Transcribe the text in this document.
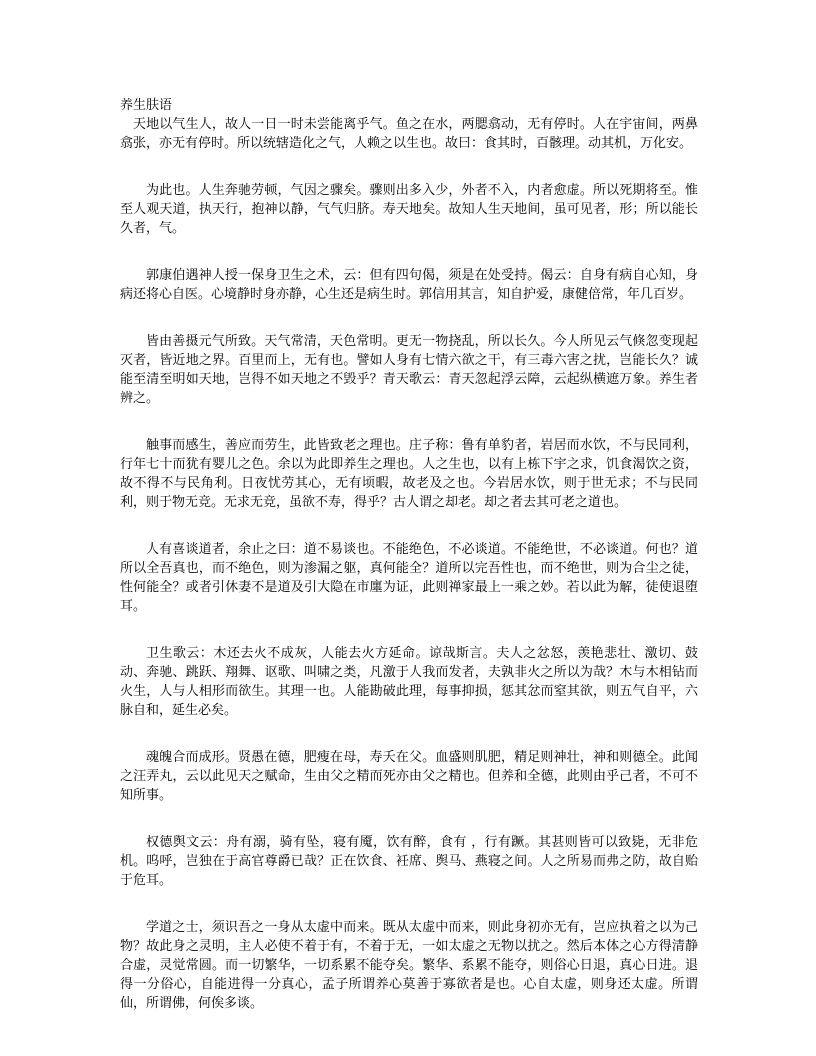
养生肤语

天地以气生人，故人一日一时未尝能离乎气。鱼之在水，两腮翕动，无有停时。人在宇宙间，两鼻翕张，亦无有停时。所以统辖造化之气，人赖之以生也。故曰：食其时，百骸理。动其机，万化安。

为此也。人生奔驰劳顿，气因之骤矣。骤则出多入少，外者不入，内者愈虚。所以死期将至。惟至人观天道，执天行，抱神以静，气气归脐。寿天地矣。故知人生天地间，虽可见者，形；所以能长久者，气。

郭康伯遇神人授一保身卫生之术，云：但有四句偈，须是在处受持。偈云：自身有病自心知，身病还将心自医。心境静时身亦静，心生还是病生时。郭信用其言，知自护爱，康健倍常，年几百岁。

皆由善摄元气所致。天气常清，天色常明。更无一物挠乱，所以长久。今人所见云气倏忽变现起灭者，皆近地之界。百里而上，无有也。譬如人身有七情六欲之干，有三毒六害之扰，岂能长久？诚能至清至明如天地，岂得不如天地之不毁乎？青天歌云：青天忽起浮云障，云起纵横遮万象。养生者辨之。

触事而感生，善应而劳生，此皆致老之理也。庄子称：鲁有单豹者，岩居而水饮，不与民同利，行年七十而犹有婴儿之色。余以为此即养生之理也。人之生也，以有上栋下宇之求，饥食渴饮之资，故不得不与民角利。日夜忧劳其心，无有顷暇，故老及之也。今岩居水饮，则于世无求；不与民同利，则于物无竞。无求无竞，虽欲不寿，得乎？古人谓之却老。却之者去其可老之道也。

人有喜谈道者，余止之曰：道不易谈也。不能绝色，不必谈道。不能绝世，不必谈道。何也？道所以全吾真也，而不绝色，则为渗漏之躯，真何能全？道所以完吾性也，而不绝世，则为合尘之徒，性何能全？或者引休妻不是道及引大隐在市廛为证，此则禅家最上一乘之妙。若以此为解，徒使退堕耳。

卫生歌云：木还去火不成灰，人能去火方延命。谅哉斯言。夫人之忿怒，羡艳悲壮、激切、鼓动、奔驰、跳跃、翔舞、讴歌、叫啸之类，凡激于人我而发者，夫孰非火之所以为哉？木与木相钻而火生，人与人相形而欲生。其理一也。人能勘破此理，每事抑损，惩其忿而窒其欲，则五气自平，六脉自和，延生必矣。

魂魄合而成形。贤愚在德，肥瘦在母，寿夭在父。血盛则肌肥，精足则神壮，神和则德全。此闻之汪弄丸，云以此见天之赋命，生由父之精而死亦由父之精也。但养和全德，此则由乎己者，不可不知所事。

权德舆文云：舟有溺，骑有坠，寝有魇，饮有醉，食有 ，行有蹶。其甚则皆可以致毙，无非危机。呜呼，岂独在于高官尊爵已哉？正在饮食、衽席、舆马、燕寝之间。人之所易而弗之防，故自贻于危耳。

学道之士，须识吾之一身从太虚中而来。既从太虚中而来，则此身初亦无有，岂应执着之以为己物？故此身之灵明，主人必使不着于有，不着于无，一如太虚之无物以扰之。然后本体之心方得清静合虚，灵觉常圆。而一切繁华，一切系累不能夺矣。繁华、系累不能夺，则俗心日退，真心日进。退得一分俗心，自能进得一分真心，孟子所谓养心莫善于寡欲者是也。心自太虚，则身还太虚。所谓仙，所谓佛，何俟多谈。
